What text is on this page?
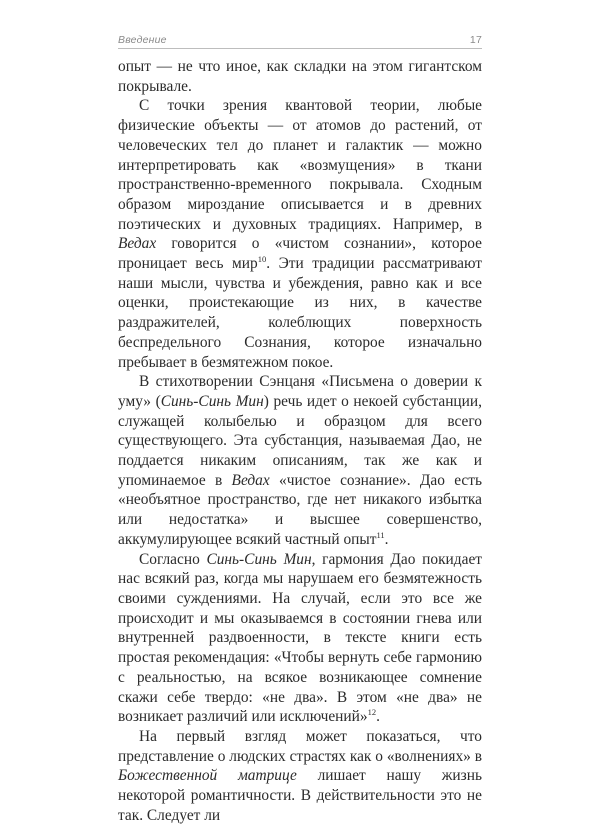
Введение	17

опыт — не что иное, как складки на этом гигантском покрывале.

С точки зрения квантовой теории, любые физические объекты — от атомов до растений, от человеческих тел до планет и галактик — можно интерпретировать как «возмущения» в ткани пространственно-временного покрывала. Сходным образом мироздание описывается и в древних поэтических и духовных традициях. Например, в Ведах говорится о «чистом сознании», которое проницает весь мир$^{10}$. Эти традиции рассматривают наши мысли, чувства и убеждения, равно как и все оценки, проистекающие из них, в качестве раздражителей, колеблющих поверхность беспредельного Сознания, которое изначально пребывает в безмятежном покое.

В стихотворении Сэнцаня «Письмена о доверии к уму» (Синь-Синь Мин) речь идет о некоей субстанции, служащей колыбелью и образцом для всего существующего. Эта субстанция, называемая Дао, не поддается никаким описаниям, так же как и упоминаемое в Ведах «чистое сознание». Дао есть «необъятное пространство, где нет никакого избытка или недостатка» и высшее совершенство, аккумулирующее всякий частный опыт$^{11}$.

Согласно Синь-Синь Мин, гармония Дао покидает нас всякий раз, когда мы нарушаем его безмятежность своими суждениями. На случай, если это все же происходит и мы оказываемся в состоянии гнева или внутренней раздвоенности, в тексте книги есть простая рекомендация: «Чтобы вернуть себе гармонию с реальностью, на всякое возникающее сомнение скажи себе твердо: «не два». В этом «не два» не возникает различий или исключений»$^{12}$.

На первый взгляд может показаться, что представление о людских страстях как о «волнениях» в Божественной матрице лишает нашу жизнь некоторой романтичности. В действительности это не так. Следует ли
